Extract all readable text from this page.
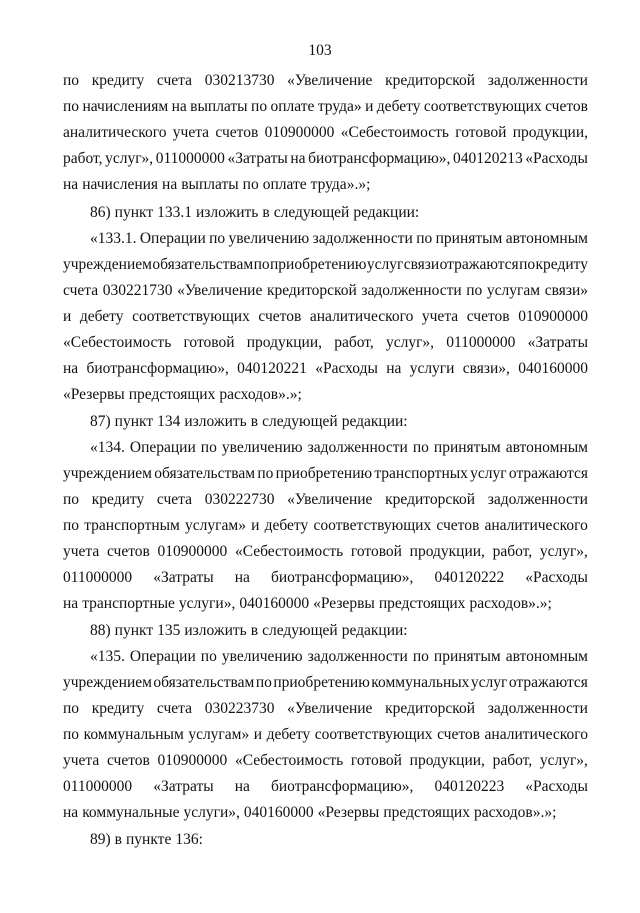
103
по кредиту счета 030213730 «Увеличение кредиторской задолженности
по начислениям на выплаты по оплате труда» и дебету соответствующих счетов
аналитического учета счетов 010900000 «Себестоимость готовой продукции,
работ, услуг», 011000000 «Затраты на биотрансформацию», 040120213 «Расходы
на начисления на выплаты по оплате труда».»;
86) пункт 133.1 изложить в следующей редакции:
«133.1. Операции по увеличению задолженности по принятым автономным
учреждением обязательствам по приобретению услуг связи отражаются по кредиту
счета 030221730 «Увеличение кредиторской задолженности по услугам связи»
и дебету соответствующих счетов аналитического учета счетов 010900000
«Себестоимость готовой продукции, работ, услуг», 011000000 «Затраты
на биотрансформацию», 040120221 «Расходы на услуги связи», 040160000
«Резервы предстоящих расходов».»;
87) пункт 134 изложить в следующей редакции:
«134. Операции по увеличению задолженности по принятым автономным
учреждением обязательствам по приобретению транспортных услуг отражаются
по кредиту счета 030222730 «Увеличение кредиторской задолженности
по транспортным услугам» и дебету соответствующих счетов аналитического
учета счетов 010900000 «Себестоимость готовой продукции, работ, услуг»,
011000000 «Затраты на биотрансформацию», 040120222 «Расходы
на транспортные услуги», 040160000 «Резервы предстоящих расходов».»;
88) пункт 135 изложить в следующей редакции:
«135. Операции по увеличению задолженности по принятым автономным
учреждением обязательствам по приобретению коммунальных услуг отражаются
по кредиту счета 030223730 «Увеличение кредиторской задолженности
по коммунальным услугам» и дебету соответствующих счетов аналитического
учета счетов 010900000 «Себестоимость готовой продукции, работ, услуг»,
011000000 «Затраты на биотрансформацию», 040120223 «Расходы
на коммунальные услуги», 040160000 «Резервы предстоящих расходов».»;
89) в пункте 136:
